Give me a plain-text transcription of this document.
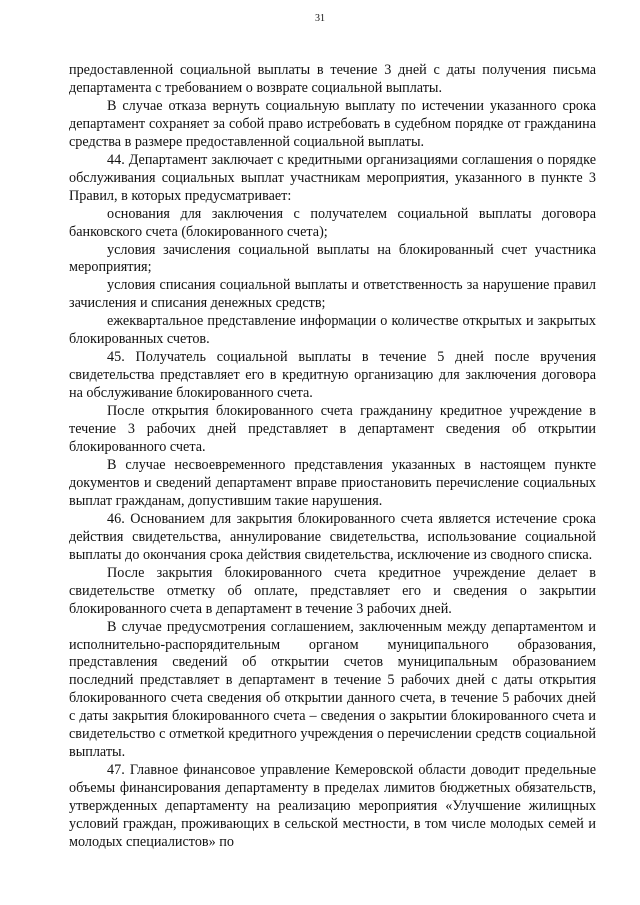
31

предоставленной социальной выплаты в течение 3 дней с даты получения письма департамента с требованием о возврате социальной выплаты.

В случае отказа вернуть социальную выплату по истечении указанного срока департамент сохраняет за собой право истребовать в судебном порядке от гражданина средства в размере предоставленной социальной выплаты.

44. Департамент заключает с кредитными организациями соглашения о порядке обслуживания социальных выплат участникам мероприятия, указанного в пункте 3 Правил, в которых предусматривает:

основания для заключения с получателем социальной выплаты договора банковского счета (блокированного счета);

условия зачисления социальной выплаты на блокированный счет участника мероприятия;

условия списания социальной выплаты и ответственность за нарушение правил зачисления и списания денежных средств;

ежеквартальное представление информации о количестве открытых и закрытых блокированных счетов.

45. Получатель социальной выплаты в течение 5 дней после вручения свидетельства представляет его в кредитную организацию для заключения договора на обслуживание блокированного счета.

После открытия блокированного счета гражданину кредитное учреждение в течение 3 рабочих дней представляет в департамент сведения об открытии блокированного счета.

В случае несвоевременного представления указанных в настоящем пункте документов и сведений департамент вправе приостановить перечисление социальных выплат гражданам, допустившим такие нарушения.

46. Основанием для закрытия блокированного счета является истечение срока действия свидетельства, аннулирование свидетельства, использование социальной выплаты до окончания срока действия свидетельства, исключение из сводного списка.

После закрытия блокированного счета кредитное учреждение делает в свидетельстве отметку об оплате, представляет его и сведения о закрытии блокированного счета в департамент в течение 3 рабочих дней.

В случае предусмотрения соглашением, заключенным между департаментом и исполнительно-распорядительным органом муниципального образования, представления сведений об открытии счетов муниципальным образованием последний представляет в департамент в течение 5 рабочих дней с даты открытия блокированного счета сведения об открытии данного счета, в течение 5 рабочих дней с даты закрытия блокированного счета – сведения о закрытии блокированного счета и свидетельство с отметкой кредитного учреждения о перечислении средств социальной выплаты.

47. Главное финансовое управление Кемеровской области доводит предельные объемы финансирования департаменту в пределах лимитов бюджетных обязательств, утвержденных департаменту на реализацию мероприятия «Улучшение жилищных условий граждан, проживающих в сельской местности, в том числе молодых семей и молодых специалистов» по
